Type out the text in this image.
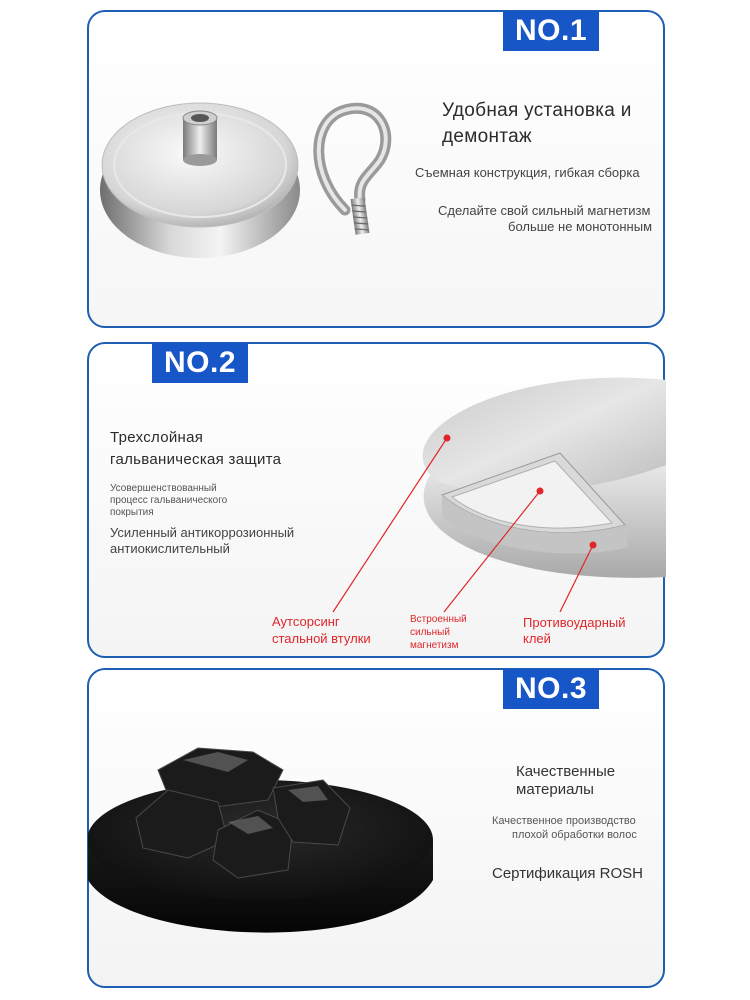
NO.1

Удобная установка и

демонтаж

Съемная конструкция, гибкая сборка

Сделайте свой сильный магнетизм

больше не монотонным

NO.2

Трехслойная

гальваническая защита

Усовершенствованный

процесс гальванического

покрытия

Усиленный антикоррозионный

антиокислительный

Аутсорсинг

стальной втулки

Встроенный

сильный

магнетизм

Противоударный

клей

NO.3

Качественные

материалы

Качественное производство

плохой обработки волос

Сертификация ROSH
